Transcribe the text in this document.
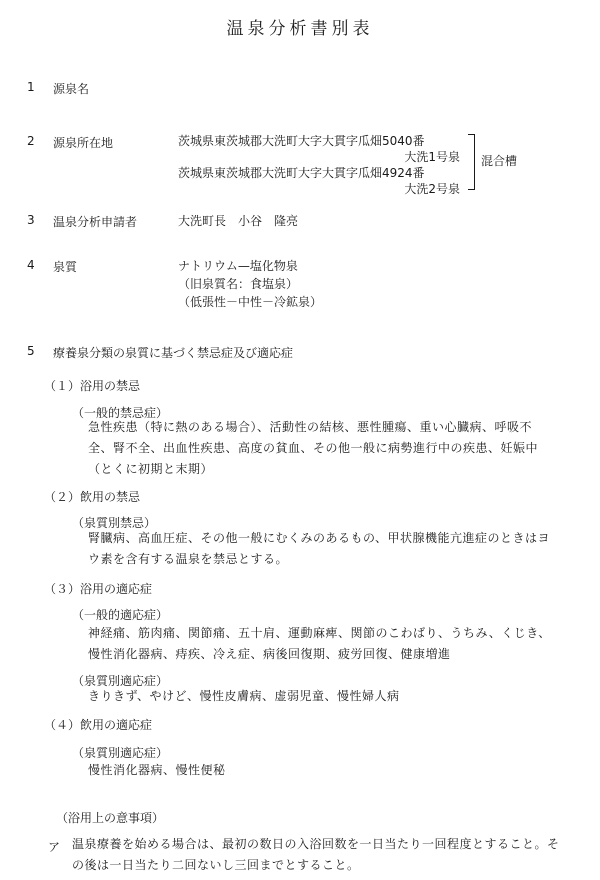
温泉分析書別表
1 源泉名
2 源泉所在地	茨城県東茨城郡大洗町大字大貫字瓜畑5040番
大洗1号泉
茨城県東茨城郡大洗町大字大貫字瓜畑4924番
大洗2号泉
混合槽
3 温泉分析申請者	大洗町長　小谷　隆亮
4 泉質	ナトリウム—塩化物泉
（旧泉質名：食塩泉）
（低張性－中性－冷鉱泉）
5 療養泉分類の泉質に基づく禁忌症及び適応症
（１）浴用の禁忌
（一般的禁忌症）
急性疾患（特に熱のある場合）、活動性の結核、悪性腫瘍、重い心臓病、呼吸不全、腎不全、出血性疾患、高度の貧血、その他一般に病勢進行中の疾患、妊娠中（とくに初期と末期）
（２）飲用の禁忌
（泉質別禁忌）
腎臓病、高血圧症、その他一般にむくみのあるもの、甲状腺機能亢進症のときはヨウ素を含有する温泉を禁忌とする。
（３）浴用の適応症
（一般的適応症）
神経痛、筋肉痛、関節痛、五十肩、運動麻痺、関節のこわばり、うちみ、くじき、慢性消化器病、痔疾、冷え症、病後回復期、疲労回復、健康増進
（泉質別適応症）
きりきず、やけど、慢性皮膚病、虚弱児童、慢性婦人病
（４）飲用の適応症
（泉質別適応症）
慢性消化器病、慢性便秘
（浴用上の意事項）
ア 温泉療養を始める場合は、最初の数日の入浴回数を一日当たり一回程度とすること。その後は一日当たり二回ないし三回までとすること。
